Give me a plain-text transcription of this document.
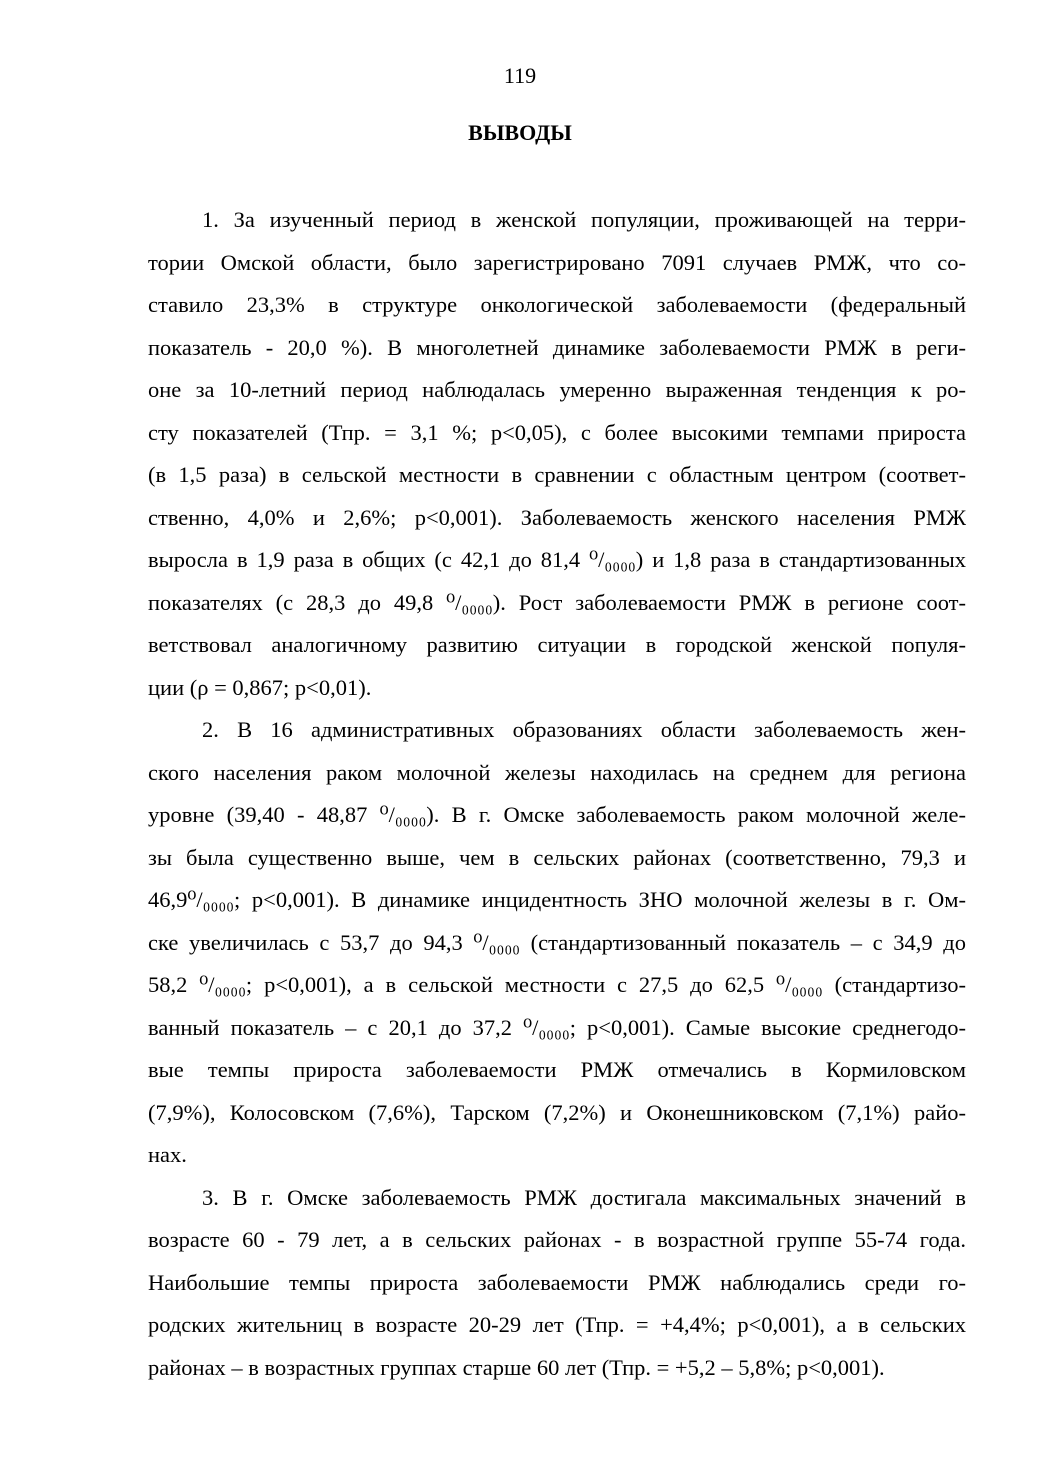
119
ВЫВОДЫ
1. За изученный период в женской популяции, проживающей на терри-
тории Омской области, было зарегистрировано 7091 случаев РМЖ, что со-
ставило 23,3% в структуре онкологической заболеваемости (федеральный
показатель - 20,0 %). В многолетней динамике заболеваемости РМЖ в реги-
оне за 10-летний период наблюдалась умеренно выраженная тенденция к ро-
сту показателей (Тпр. = 3,1 %; р<0,05), с более высокими темпами прироста
(в 1,5 раза) в сельской местности в сравнении с областным центром (соответ-
ственно, 4,0% и 2,6%; р<0,001). Заболеваемость женского населения РМЖ
выросла в 1,9 раза в общих (с 42,1 до 81,4 ⁰/₀₀₀₀) и 1,8 раза в стандартизованных
показателях (с 28,3 до 49,8 ⁰/₀₀₀₀). Рост заболеваемости РМЖ в регионе соот-
ветствовал аналогичному развитию ситуации в городской женской популя-
ции (ρ = 0,867; р<0,01).
2. В 16 административных образованиях области заболеваемость жен-
ского населения раком молочной железы находилась на среднем для региона
уровне (39,40 - 48,87 ⁰/₀₀₀₀). В г. Омске заболеваемость раком молочной желе-
зы была существенно выше, чем в сельских районах (соответственно, 79,3 и
46,9⁰/₀₀₀₀; р<0,001). В динамике инцидентность ЗНО молочной железы в г. Ом-
ске увеличилась с 53,7 до 94,3 ⁰/₀₀₀₀ (стандартизованный показатель – с 34,9 до
58,2 ⁰/₀₀₀₀; р<0,001), а в сельской местности с 27,5 до 62,5 ⁰/₀₀₀₀ (стандартизо-
ванный показатель – с 20,1 до 37,2 ⁰/₀₀₀₀; р<0,001). Самые высокие среднегодо-
вые темпы прироста заболеваемости РМЖ отмечались в Кормиловском
(7,9%), Колосовском (7,6%), Тарском (7,2%) и Оконешниковском (7,1%) райо-
нах.
3. В г. Омске заболеваемость РМЖ достигала максимальных значений в
возрасте 60 - 79 лет, а в сельских районах - в возрастной группе 55-74 года.
Наибольшие темпы прироста заболеваемости РМЖ наблюдались среди го-
родских жительниц в возрасте 20-29 лет (Тпр. = +4,4%; р<0,001), а в сельских
районах – в возрастных группах старше 60 лет (Тпр. = +5,2 – 5,8%; р<0,001).
